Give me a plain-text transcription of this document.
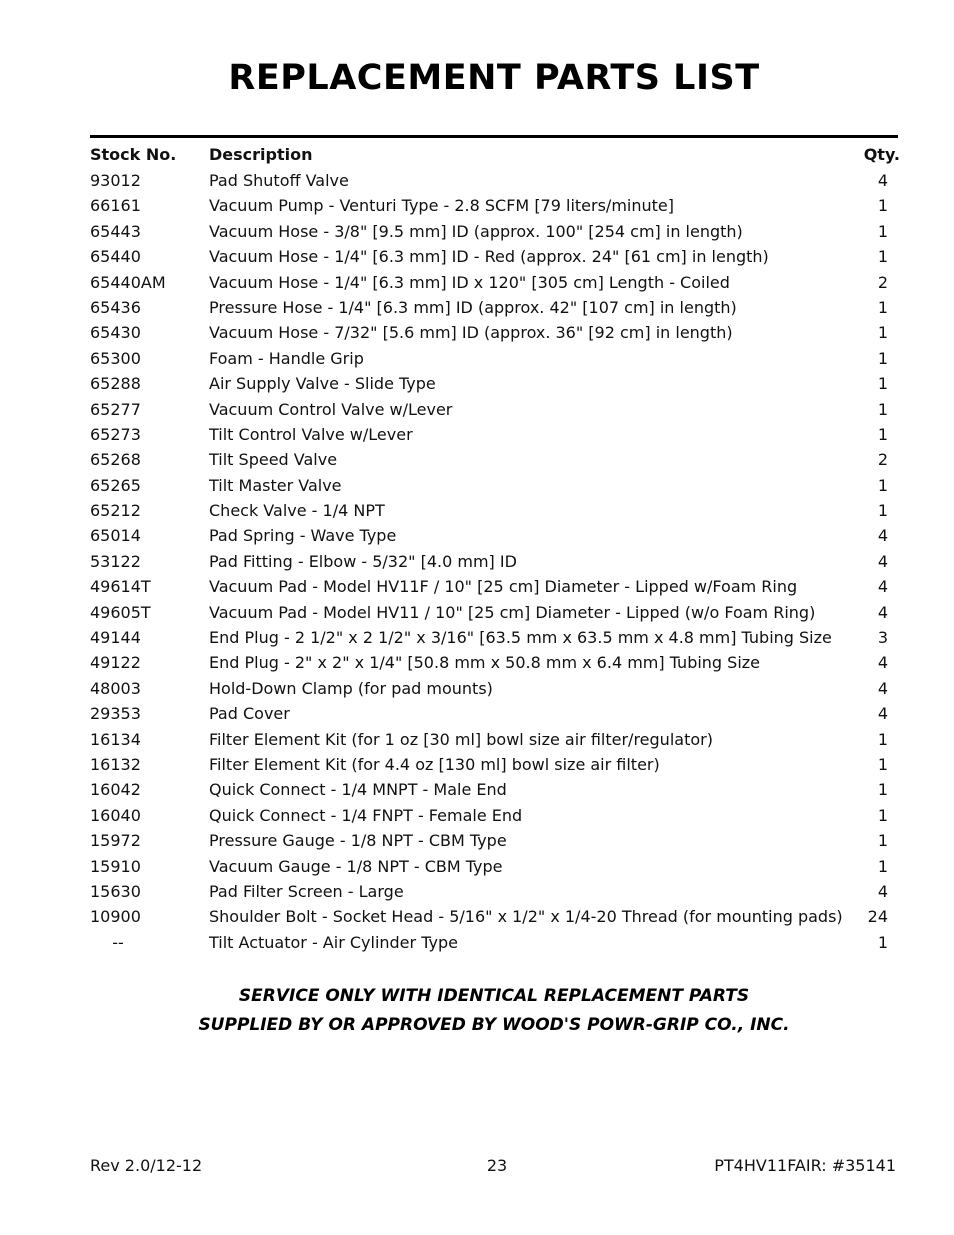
REPLACEMENT PARTS LIST
Stock No.	Description	Qty.
93012	Pad Shutoff Valve	4
66161	Vacuum Pump - Venturi Type - 2.8 SCFM [79 liters/minute]	1
65443	Vacuum Hose - 3/8" [9.5 mm] ID (approx. 100" [254 cm] in length)	1
65440	Vacuum Hose - 1/4" [6.3 mm] ID - Red (approx. 24" [61 cm] in length)	1
65440AM	Vacuum Hose - 1/4" [6.3 mm] ID x 120" [305 cm] Length - Coiled	2
65436	Pressure Hose - 1/4" [6.3 mm] ID (approx. 42" [107 cm] in length)	1
65430	Vacuum Hose - 7/32" [5.6 mm] ID (approx. 36" [92 cm] in length)	1
65300	Foam - Handle Grip	1
65288	Air Supply Valve - Slide Type	1
65277	Vacuum Control Valve w/Lever	1
65273	Tilt Control Valve w/Lever	1
65268	Tilt Speed Valve	2
65265	Tilt Master Valve	1
65212	Check Valve - 1/4 NPT	1
65014	Pad Spring - Wave Type	4
53122	Pad Fitting - Elbow - 5/32" [4.0 mm] ID	4
49614T	Vacuum Pad - Model HV11F / 10" [25 cm] Diameter - Lipped w/Foam Ring	4
49605T	Vacuum Pad - Model HV11 / 10" [25 cm] Diameter - Lipped (w/o Foam Ring)	4
49144	End Plug - 2 1/2" x 2 1/2" x 3/16" [63.5 mm x 63.5 mm x 4.8 mm] Tubing Size	3
49122	End Plug - 2" x 2" x 1/4" [50.8 mm x 50.8 mm x 6.4 mm] Tubing Size	4
48003	Hold-Down Clamp (for pad mounts)	4
29353	Pad Cover	4
16134	Filter Element Kit (for 1 oz [30 ml] bowl size air filter/regulator)	1
16132	Filter Element Kit (for 4.4 oz [130 ml] bowl size air filter)	1
16042	Quick Connect - 1/4 MNPT - Male End	1
16040	Quick Connect - 1/4 FNPT - Female End	1
15972	Pressure Gauge - 1/8 NPT - CBM Type	1
15910	Vacuum Gauge - 1/8 NPT - CBM Type	1
15630	Pad Filter Screen - Large	4
10900	Shoulder Bolt - Socket Head - 5/16" x 1/2" x 1/4-20 Thread (for mounting pads)	24
--	Tilt Actuator - Air Cylinder Type	1
SERVICE ONLY WITH IDENTICAL REPLACEMENT PARTS
SUPPLIED BY OR APPROVED BY WOOD'S POWR-GRIP CO., INC.
Rev 2.0/12-12	23	PT4HV11FAIR: #35141
